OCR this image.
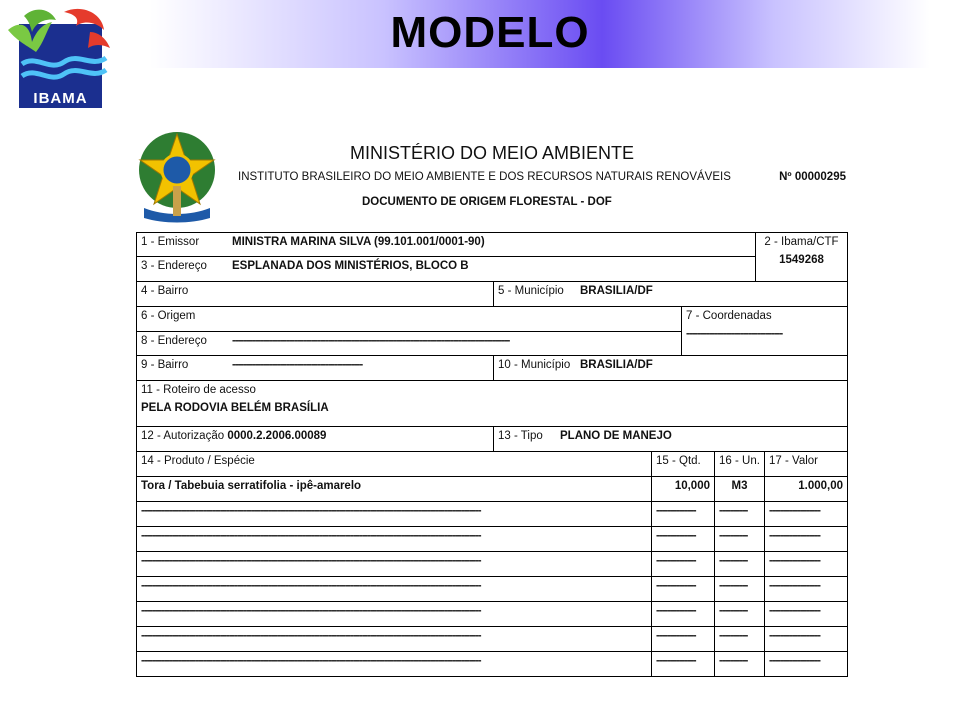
MODELO
IBAMA
MINISTÉRIO DO MEIO AMBIENTE
INSTITUTO BRASILEIRO DO MEIO AMBIENTE E DOS RECURSOS NATURAIS RENOVÁVEIS	Nº 00000295
DOCUMENTO DE ORIGEM FLORESTAL - DOF
1 - Emissor	MINISTRA MARINA SILVA (99.101.001/0001-90)	2 - Ibama/CTF
1549268
3 - Endereço ESPLANADA DOS MINISTÉRIOS, BLOCO B
4 - Bairro	5 - Município BRASILIA/DF
6 - Origem	7 - Coordenadas
----------------------------------
8 - Endereço --------------------------------------------------------------------------------------------------
9 - Bairro	----------------------------------------------	10 - Município BRASILIA/DF
11 - Roteiro de acesso
PELA RODOVIA BELÉM BRASÍLIA
12 - Autorização 0000.2.2006.00089	13 - Tipo PLANO DE MANEJO
14 - Produto / Espécie	15 - Qtd.	16 - Un. 17 - Valor
Tora / Tabebuia serratifolia - ipê-amarelo	10,000	M3	1.000,00
------------------------------------------------------------------------------------------------------------------------	--------------	----------	------------------
------------------------------------------------------------------------------------------------------------------------	--------------	----------	------------------
------------------------------------------------------------------------------------------------------------------------	--------------	----------	------------------
------------------------------------------------------------------------------------------------------------------------	--------------	----------	------------------
------------------------------------------------------------------------------------------------------------------------	--------------	----------	------------------
------------------------------------------------------------------------------------------------------------------------	--------------	----------	------------------
------------------------------------------------------------------------------------------------------------------------	--------------	----------	------------------
